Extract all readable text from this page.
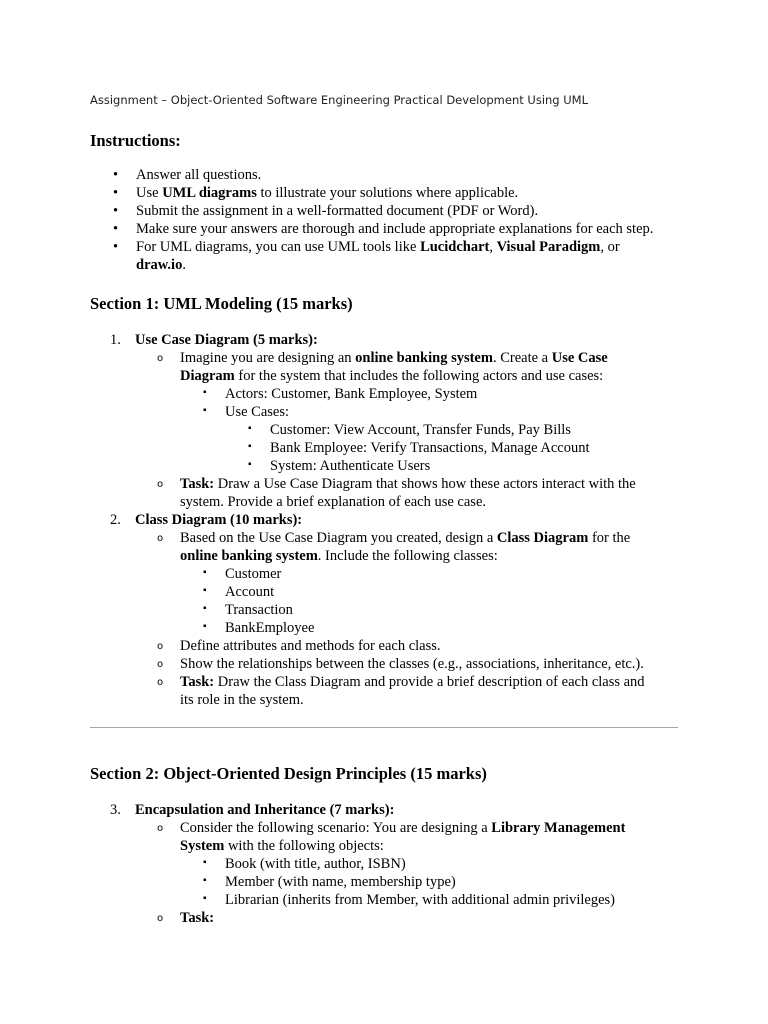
Assignment – Object-Oriented Software Engineering Practical Development Using UML
Instructions:
• Answer all questions.
• Use UML diagrams to illustrate your solutions where applicable.
• Submit the assignment in a well-formatted document (PDF or Word).
• Make sure your answers are thorough and include appropriate explanations for each step.
• For UML diagrams, you can use UML tools like Lucidchart, Visual Paradigm, or
draw.io.
Section 1: UML Modeling (15 marks)
1. Use Case Diagram (5 marks):
o Imagine you are designing an online banking system. Create a Use Case
Diagram for the system that includes the following actors and use cases:
▪ Actors: Customer, Bank Employee, System
▪ Use Cases:
▪ Customer: View Account, Transfer Funds, Pay Bills
▪ Bank Employee: Verify Transactions, Manage Account
▪ System: Authenticate Users
o Task: Draw a Use Case Diagram that shows how these actors interact with the
system. Provide a brief explanation of each use case.
2. Class Diagram (10 marks):
o Based on the Use Case Diagram you created, design a Class Diagram for the
online banking system. Include the following classes:
▪ Customer
▪ Account
▪ Transaction
▪ BankEmployee
o Define attributes and methods for each class.
o Show the relationships between the classes (e.g., associations, inheritance, etc.).
o Task: Draw the Class Diagram and provide a brief description of each class and
its role in the system.
Section 2: Object-Oriented Design Principles (15 marks)
3. Encapsulation and Inheritance (7 marks):
o Consider the following scenario: You are designing a Library Management
System with the following objects:
▪ Book (with title, author, ISBN)
▪ Member (with name, membership type)
▪ Librarian (inherits from Member, with additional admin privileges)
o Task:
